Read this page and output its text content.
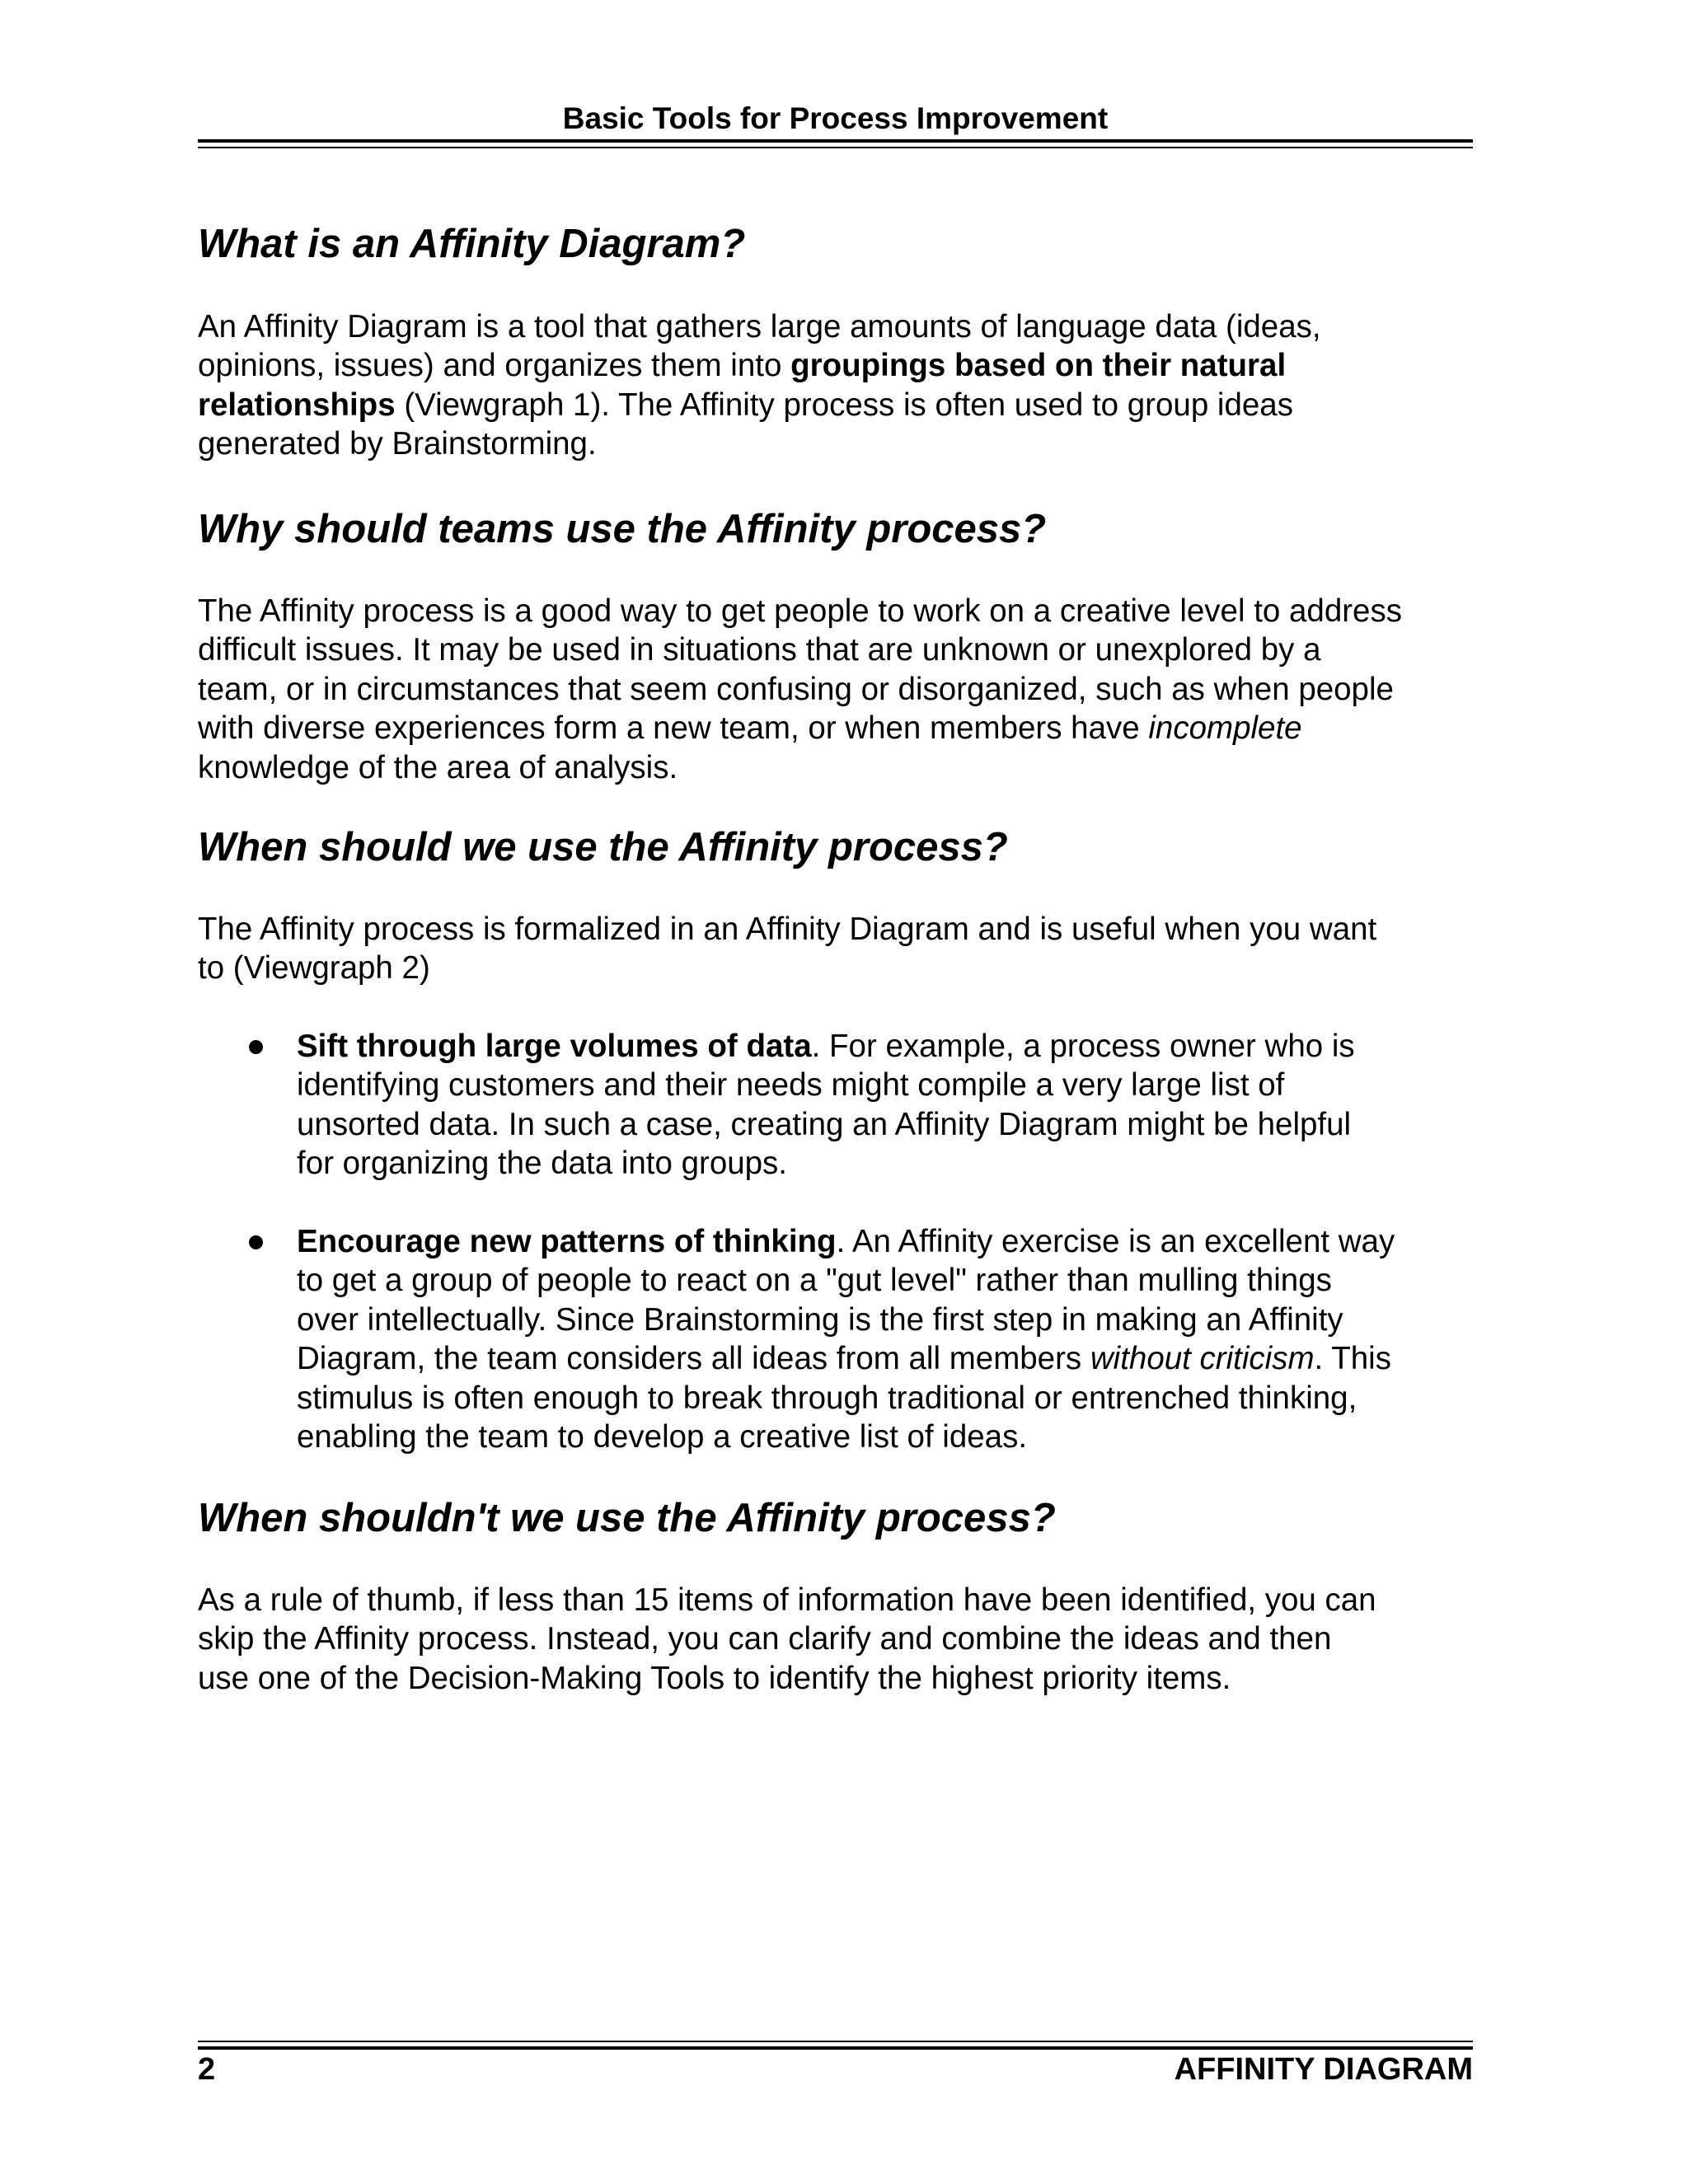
Basic Tools for Process Improvement
What is an Affinity Diagram?
An Affinity Diagram is a tool that gathers large amounts of language data (ideas,
opinions, issues) and organizes them into groupings based on their natural
relationships (Viewgraph 1). The Affinity process is often used to group ideas
generated by Brainstorming.
Why should teams use the Affinity process?
The Affinity process is a good way to get people to work on a creative level to address
difficult issues. It may be used in situations that are unknown or unexplored by a
team, or in circumstances that seem confusing or disorganized, such as when people
with diverse experiences form a new team, or when members have incomplete
knowledge of the area of analysis.
When should we use the Affinity process?
The Affinity process is formalized in an Affinity Diagram and is useful when you want
to (Viewgraph 2)
Sift through large volumes of data. For example, a process owner who is
identifying customers and their needs might compile a very large list of
unsorted data. In such a case, creating an Affinity Diagram might be helpful
for organizing the data into groups.
Encourage new patterns of thinking. An Affinity exercise is an excellent way
to get a group of people to react on a "gut level" rather than mulling things
over intellectually. Since Brainstorming is the first step in making an Affinity
Diagram, the team considers all ideas from all members without criticism. This
stimulus is often enough to break through traditional or entrenched thinking,
enabling the team to develop a creative list of ideas.
When shouldn't we use the Affinity process?
As a rule of thumb, if less than 15 items of information have been identified, you can
skip the Affinity process. Instead, you can clarify and combine the ideas and then
use one of the Decision-Making Tools to identify the highest priority items.
2	AFFINITY DIAGRAM
